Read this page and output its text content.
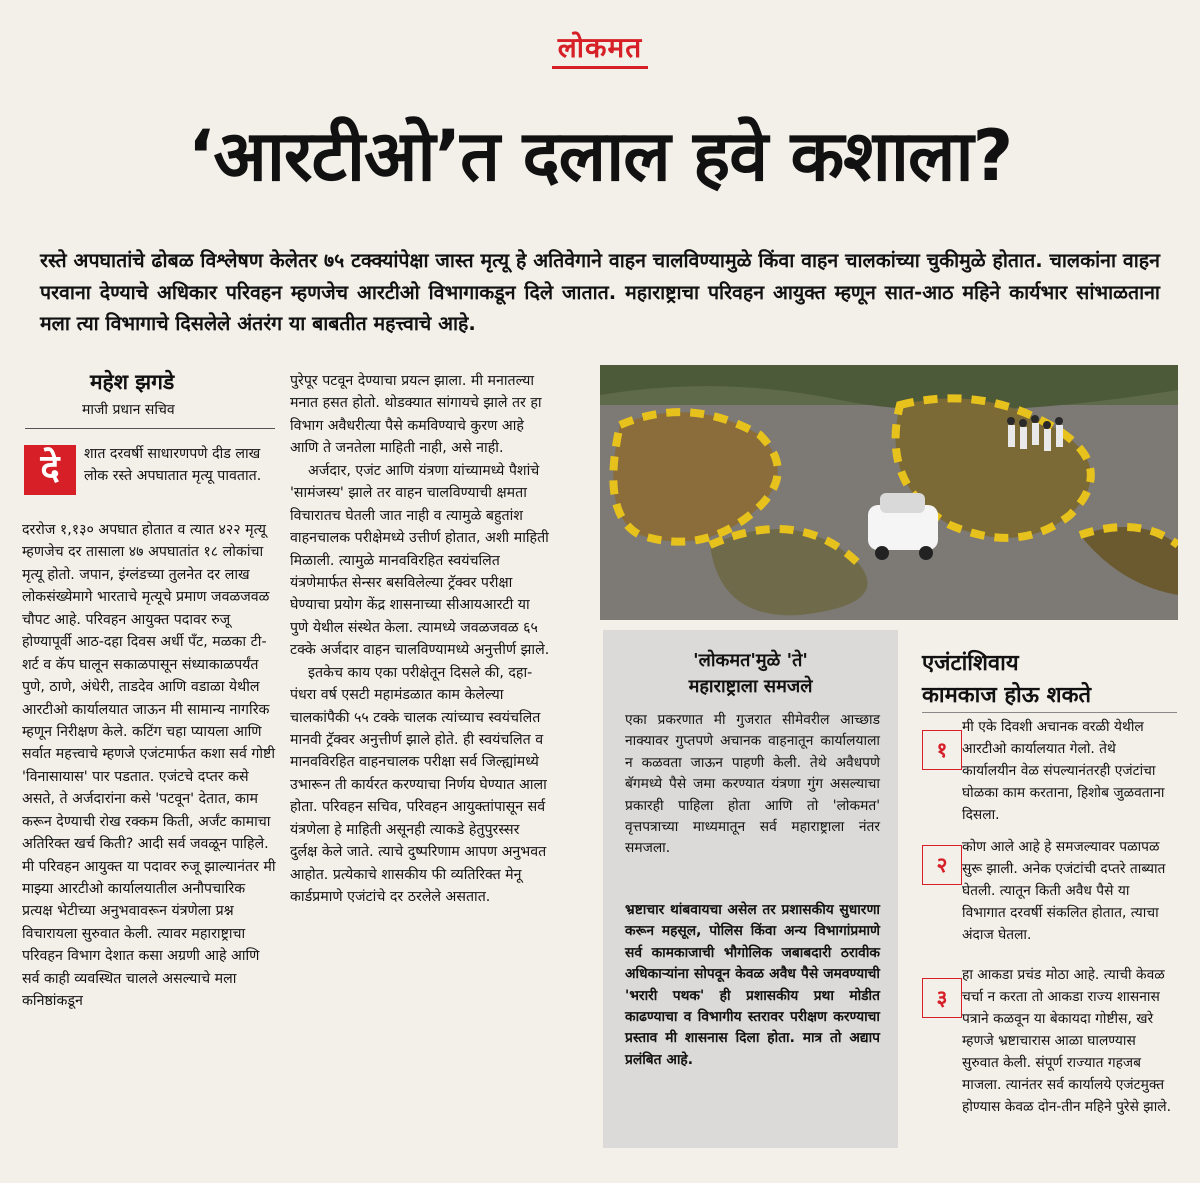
लोकमत
‘आरटीओ’त दलाल हवे कशाला?
रस्ते अपघातांचे ढोबळ विश्लेषण केलेतर ७५ टक्क्यांपेक्षा जास्त मृत्यू हे अतिवेगाने वाहन चालविण्यामुळे किंवा वाहन चालकांच्या चुकीमुळे होतात. चालकांना वाहन परवाना देण्याचे अधिकार परिवहन म्हणजेच आरटीओ विभागाकडून दिले जातात. महाराष्ट्राचा परिवहन आयुक्त म्हणून सात-आठ महिने कार्यभार सांभाळताना मला त्या विभागाचे दिसलेले अंतरंग या बाबतीत महत्त्वाचे आहे.
महेश झगडे
माजी प्रधान सचिव
दे	शात दरवर्षी साधारणपणे दीड लाख लोक रस्ते अपघातात मृत्यू पावतात.

दररोज १,१३० अपघात होतात व त्यात ४२२ मृत्यू म्हणजेच दर तासाला ४७ अपघातांत १८ लोकांचा मृत्यू होतो. जपान, इंग्लंडच्या तुलनेत दर लाख लोकसंख्येमागे भारताचे मृत्यूचे प्रमाण जवळजवळ चौपट आहे. परिवहन आयुक्त पदावर रुजू होण्यापूर्वी आठ-दहा दिवस अर्धी पँट, मळका टी-शर्ट व कॅप घालून सकाळपासून संध्याकाळपर्यंत पुणे, ठाणे, अंधेरी, ताडदेव आणि वडाळा येथील आरटीओ कार्यालयात जाऊन मी सामान्य नागरिक म्हणून निरीक्षण केले. कटिंग चहा प्यायला आणि सर्वात महत्त्वाचे म्हणजे एजंटमार्फत कशा सर्व गोष्टी 'विनासायास' पार पडतात. एजंटचे दप्तर कसे असते, ते अर्जदारांना कसे 'पटवून' देतात, काम करून देण्याची रोख रक्कम किती, अर्जंट कामाचा अतिरिक्त खर्च किती? आदी सर्व जवळून पाहिले. मी परिवहन आयुक्त या पदावर रुजू झाल्यानंतर मी माझ्या आरटीओ कार्यालयातील अनौपचारिक प्रत्यक्ष भेटीच्या अनुभवावरून यंत्रणेला प्रश्न विचारायला सुरुवात केली. त्यावर महाराष्ट्राचा परिवहन विभाग देशात कसा अग्रणी आहे आणि सर्व काही व्यवस्थित चालले असल्याचे मला कनिष्ठांकडून

पुरेपूर पटवून देण्याचा प्रयत्न झाला. मी मनातल्या मनात हसत होतो. थोडक्यात सांगायचे झाले तर हा विभाग अवैधरीत्या पैसे कमविण्याचे कुरण आहे आणि ते जनतेला माहिती नाही, असे नाही.

अर्जदार, एजंट आणि यंत्रणा यांच्यामध्ये पैशांचे 'सामंजस्य' झाले तर वाहन चालविण्याची क्षमता विचारातच घेतली जात नाही व त्यामुळे बहुतांश वाहनचालक परीक्षेमध्ये उत्तीर्ण होतात, अशी माहिती मिळाली. त्यामुळे मानवविरहित स्वयंचलित यंत्रणेमार्फत सेन्सर बसविलेल्या ट्रॅक्वर परीक्षा घेण्याचा प्रयोग केंद्र शासनाच्या सीआयआरटी या पुणे येथील संस्थेत केला. त्यामध्ये जवळजवळ ६५ टक्के अर्जदार वाहन चालविण्यामध्ये अनुत्तीर्ण झाले.

इतकेच काय एका परीक्षेतून दिसले की, दहा-पंधरा वर्ष एसटी महामंडळात काम केलेल्या चालकांपैकी ५५ टक्के चालक त्यांच्याच स्वयंचलित मानवी ट्रॅक्वर अनुत्तीर्ण झाले होते. ही स्वयंचलित व मानवविरहित वाहनचालक परीक्षा सर्व जिल्ह्यांमध्ये उभारून ती कार्यरत करण्याचा निर्णय घेण्यात आला होता. परिवहन सचिव, परिवहन आयुक्तांपासून सर्व यंत्रणेला हे माहिती असूनही त्याकडे हेतुपुरस्सर दुर्लक्ष केले जाते. त्याचे दुष्परिणाम आपण अनुभवत आहोत. प्रत्येकाचे शासकीय फी व्यतिरिक्त मेनू कार्डप्रमाणे एजंटांचे दर ठरलेले असतात.

'लोकमत'मुळे 'ते'
महाराष्ट्राला समजले

एका प्रकरणात मी गुजरात सीमेवरील आच्छाड नाक्यावर गुप्तपणे अचानक वाहनातून कार्यालयाला न कळवता जाऊन पाहणी केली. तेथे अवैधपणे बॅगमध्ये पैसे जमा करण्यात यंत्रणा गुंग असल्याचा प्रकारही पाहिला होता आणि तो 'लोकमत' वृत्तपत्राच्या माध्यमातून सर्व महाराष्ट्राला नंतर समजला.

भ्रष्टाचार थांबवायचा असेल तर प्रशासकीय सुधारणा करून महसूल, पोलिस किंवा अन्य विभागांप्रमाणे सर्व कामकाजाची भौगोलिक जबाबदारी ठरावीक अधिकाऱ्यांना सोपवून केवळ अवैध पैसे जमवण्याची 'भरारी पथक' ही प्रशासकीय प्रथा मोडीत काढण्याचा व विभागीय स्तरावर परीक्षण करण्याचा प्रस्ताव मी शासनास दिला होता. मात्र तो अद्याप प्रलंबित आहे.

एजंटांशिवाय
कामकाज होऊ शकते
१
मी एके दिवशी अचानक वरळी येथील आरटीओ कार्यालयात गेलो. तेथे कार्यालयीन वेळ संपल्यानंतरही एजंटांचा घोळका काम करताना, हिशोब जुळवताना दिसला.
२
कोण आले आहे हे समजल्यावर पळापळ सुरू झाली. अनेक एजंटांची दप्तरे ताब्यात घेतली. त्यातून किती अवैध पैसे या विभागात दरवर्षी संकलित होतात, त्याचा अंदाज घेतला.
३
हा आकडा प्रचंड मोठा आहे. त्याची केवळ चर्चा न करता तो आकडा राज्य शासनास पत्राने कळवून या बेकायदा गोष्टीस, खरे म्हणजे भ्रष्टाचारास आळा घालण्यास सुरुवात केली. संपूर्ण राज्यात गहजब माजला. त्यानंतर सर्व कार्यालये एजंटमुक्त होण्यास केवळ दोन-तीन महिने पुरेसे झाले.
